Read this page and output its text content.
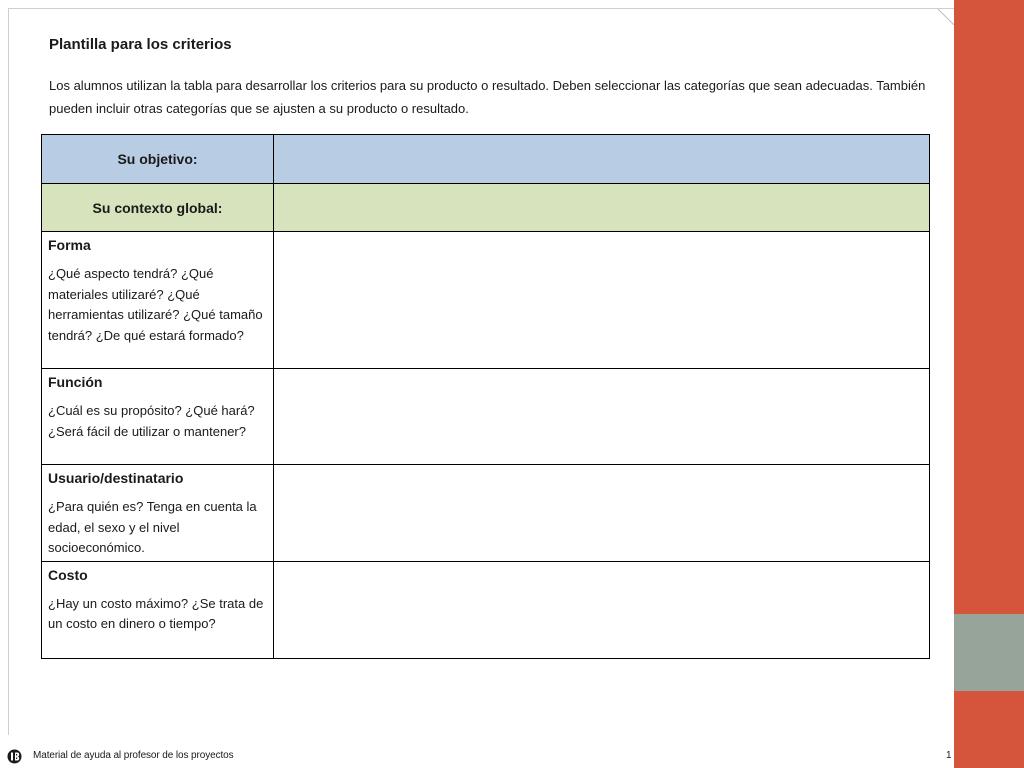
Plantilla para los criterios

Los alumnos utilizan la tabla para desarrollar los criterios para su producto o resultado. Deben seleccionar las categorías que sean adecuadas. También pueden incluir otras categorías que se ajusten a su producto o resultado.

Su objetivo:	
Su contexto global:	

Forma
¿Qué aspecto tendrá? ¿Qué materiales utilizaré? ¿Qué herramientas utilizaré? ¿Qué tamaño tendrá? ¿De qué estará formado?	

Función
¿Cuál es su propósito? ¿Qué hará? ¿Será fácil de utilizar o mantener?	

Usuario/destinatario
¿Para quién es? Tenga en cuenta la edad, el sexo y el nivel socioeconómico.	

Costo
¿Hay un costo máximo? ¿Se trata de un costo en dinero o tiempo?	

Material de ayuda al profesor de los proyectos	1
